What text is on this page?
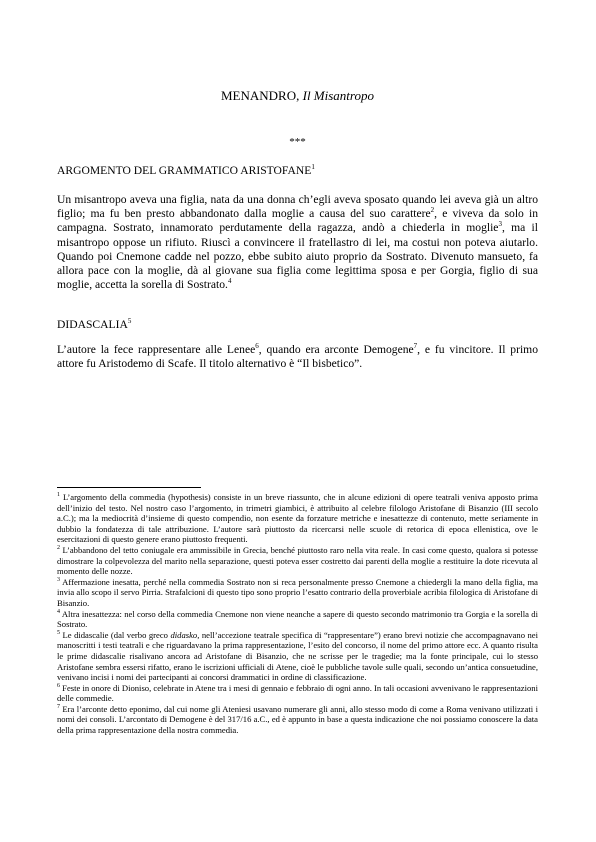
MENANDRO, Il Misantropo
***
ARGOMENTO DEL GRAMMATICO ARISTOFANE$^1$
Un misantropo aveva una figlia, nata da una donna ch’egli aveva sposato quando lei aveva già un altro figlio; ma fu ben presto abbandonato dalla moglie a causa del suo carattere$^2$, e viveva da solo in campagna. Sostrato, innamorato perdutamente della ragazza, andò a chiederla in moglie$^3$, ma il misantropo oppose un rifiuto. Riuscì a convincere il fratellastro di lei, ma costui non poteva aiutarlo. Quando poi Cnemone cadde nel pozzo, ebbe subito aiuto proprio da Sostrato. Divenuto mansueto, fa allora pace con la moglie, dà al giovane sua figlia come legittima sposa e per Gorgia, figlio di sua moglie, accetta la sorella di Sostrato.$^4$
DIDASCALIA$^5$
L’autore la fece rappresentare alle Lenee$^6$, quando era arconte Demogene$^7$, e fu vincitore. Il primo attore fu Aristodemo di Scafe. Il titolo alternativo è “Il bisbetico”.

$^1$ L’argomento della commedia (hypothesis) consiste in un breve riassunto, che in alcune edizioni di opere teatrali veniva apposto prima dell’inizio del testo. Nel nostro caso l’argomento, in trimetri giambici, è attribuito al celebre filologo Aristofane di Bisanzio (III secolo a.C.); ma la mediocrità d’insieme di questo compendio, non esente da forzature metriche e inesattezze di contenuto, mette seriamente in dubbio la fondatezza di tale attribuzione. L’autore sarà piuttosto da ricercarsi nelle scuole di retorica di epoca ellenistica, ove le esercitazioni di questo genere erano piuttosto frequenti.

$^2$ L’abbandono del tetto coniugale era ammissibile in Grecia, benché piuttosto raro nella vita reale. In casi come questo, qualora si potesse dimostrare la colpevolezza del marito nella separazione, questi poteva esser costretto dai parenti della moglie a restituire la dote ricevuta al momento delle nozze.

$^3$ Affermazione inesatta, perché nella commedia Sostrato non si reca personalmente presso Cnemone a chiedergli la mano della figlia, ma invia allo scopo il servo Pirria. Strafalcioni di questo tipo sono proprio l’esatto contrario della proverbiale acribia filologica di Aristofane di Bisanzio.

$^4$ Altra inesattezza: nel corso della commedia Cnemone non viene neanche a sapere di questo secondo matrimonio tra Gorgia e la sorella di Sostrato.

$^5$ Le didascalie (dal verbo greco didasko, nell’accezione teatrale specifica di “rappresentare”) erano brevi notizie che accompagnavano nei manoscritti i testi teatrali e che riguardavano la prima rappresentazione, l’esito del concorso, il nome del primo attore ecc. A quanto risulta le prime didascalie risalivano ancora ad Aristofane di Bisanzio, che ne scrisse per le tragedie; ma la fonte principale, cui lo stesso Aristofane sembra essersi rifatto, erano le iscrizioni ufficiali di Atene, cioè le pubbliche tavole sulle quali, secondo un’antica consuetudine, venivano incisi i nomi dei partecipanti ai concorsi drammatici in ordine di classificazione.

$^6$ Feste in onore di Dioniso, celebrate in Atene tra i mesi di gennaio e febbraio di ogni anno. In tali occasioni avvenivano le rappresentazioni delle commedie.

$^7$ Era l’arconte detto eponimo, dal cui nome gli Ateniesi usavano numerare gli anni, allo stesso modo di come a Roma venivano utilizzati i nomi dei consoli. L’arcontato di Demogene è del 317/16 a.C., ed è appunto in base a questa indicazione che noi possiamo conoscere la data della prima rappresentazione della nostra commedia.
